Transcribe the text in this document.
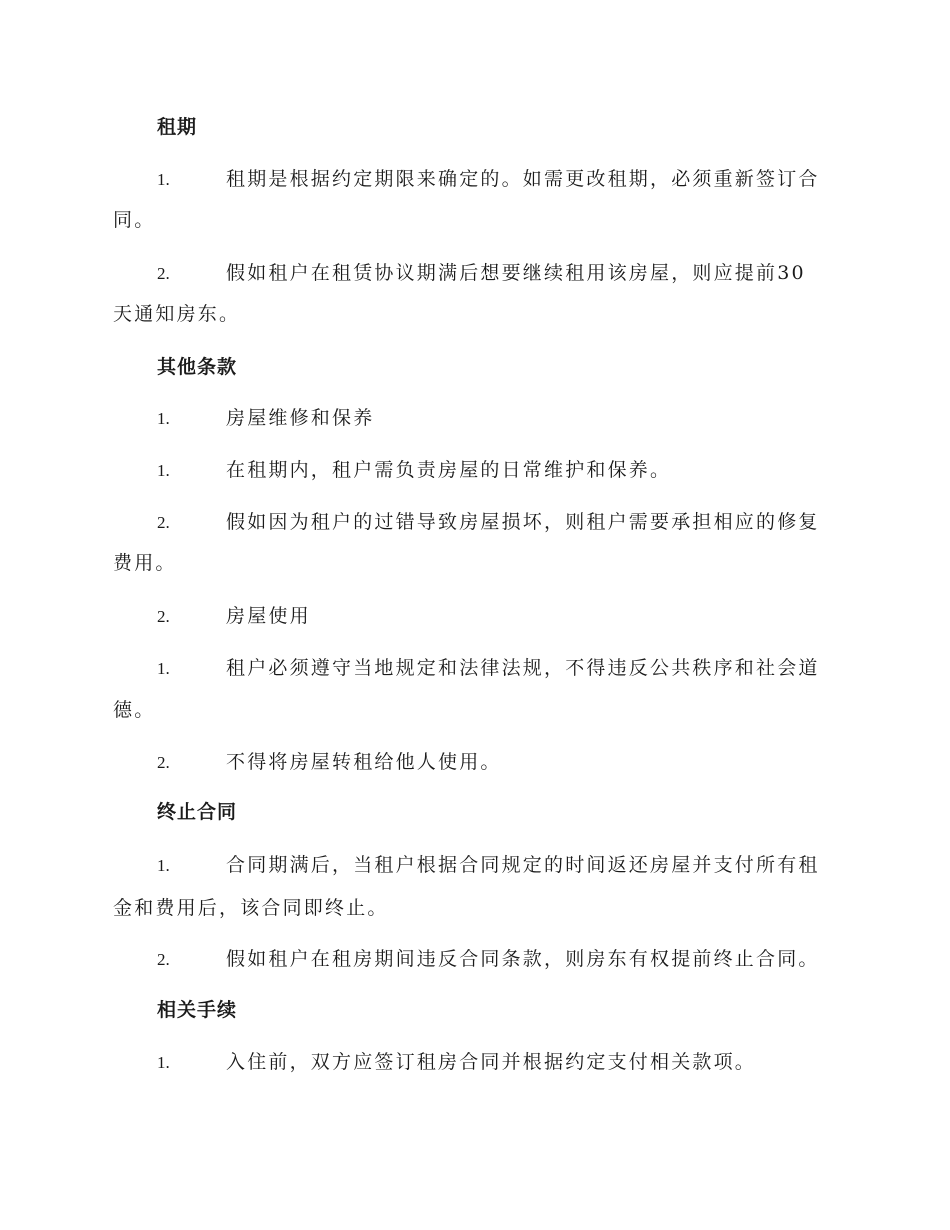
租期
1.	租期是根据约定期限来确定的。如需更改租期，必须重新签订合
同。
2.	假如租户在租赁协议期满后想要继续租用该房屋，则应提前30
天通知房东。
其他条款
1.	房屋维修和保养
1.	在租期内，租户需负责房屋的日常维护和保养。
2.	假如因为租户的过错导致房屋损坏，则租户需要承担相应的修复
费用。
2.	房屋使用
1.	租户必须遵守当地规定和法律法规，不得违反公共秩序和社会道
德。
2.	不得将房屋转租给他人使用。
终止合同
1.	合同期满后，当租户根据合同规定的时间返还房屋并支付所有租
金和费用后，该合同即终止。
2.	假如租户在租房期间违反合同条款，则房东有权提前终止合同。
相关手续
1.	入住前，双方应签订租房合同并根据约定支付相关款项。
